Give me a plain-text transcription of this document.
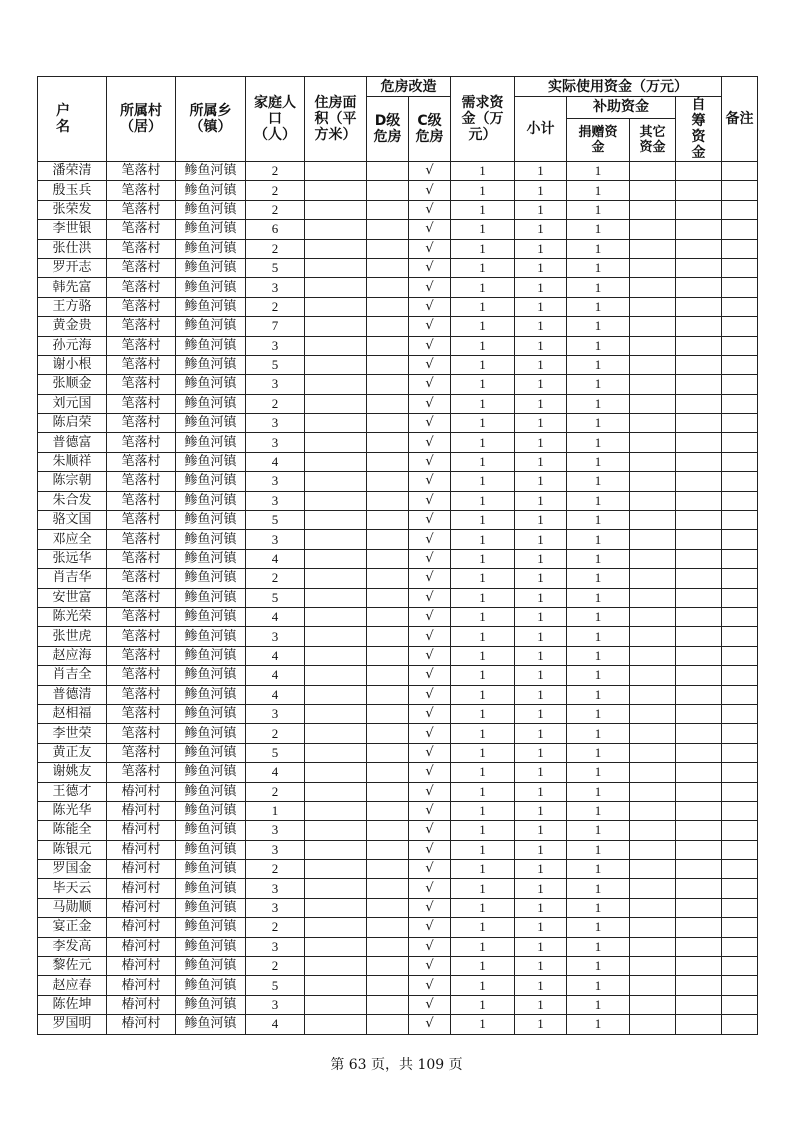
户　名	所属村（居）	所属乡（镇）	家庭人口（人）	住房面积（平方米）	危房改造		需求资金（万元）	实际使用资金（万元）				备注
					D级危房	C级危房		小计	补助资金		自筹资金	
									捐赠资金	其它资金		
潘荣清	笔落村	鲹鱼河镇	2			√	1	1	1			
殷玉兵	笔落村	鲹鱼河镇	2			√	1	1	1			
张荣发	笔落村	鲹鱼河镇	2			√	1	1	1			
李世银	笔落村	鲹鱼河镇	6			√	1	1	1			
张仕洪	笔落村	鲹鱼河镇	2			√	1	1	1			
罗开志	笔落村	鲹鱼河镇	5			√	1	1	1			
韩先富	笔落村	鲹鱼河镇	3			√	1	1	1			
王方骆	笔落村	鲹鱼河镇	2			√	1	1	1			
黄金贵	笔落村	鲹鱼河镇	7			√	1	1	1			
孙元海	笔落村	鲹鱼河镇	3			√	1	1	1			
谢小根	笔落村	鲹鱼河镇	5			√	1	1	1			
张顺金	笔落村	鲹鱼河镇	3			√	1	1	1			
刘元国	笔落村	鲹鱼河镇	2			√	1	1	1			
陈启荣	笔落村	鲹鱼河镇	3			√	1	1	1			
普德富	笔落村	鲹鱼河镇	3			√	1	1	1			
朱顺祥	笔落村	鲹鱼河镇	4			√	1	1	1			
陈宗朝	笔落村	鲹鱼河镇	3			√	1	1	1			
朱合发	笔落村	鲹鱼河镇	3			√	1	1	1			
骆文国	笔落村	鲹鱼河镇	5			√	1	1	1			
邓应全	笔落村	鲹鱼河镇	3			√	1	1	1			
张远华	笔落村	鲹鱼河镇	4			√	1	1	1			
肖吉华	笔落村	鲹鱼河镇	2			√	1	1	1			
安世富	笔落村	鲹鱼河镇	5			√	1	1	1			
陈光荣	笔落村	鲹鱼河镇	4			√	1	1	1			
张世虎	笔落村	鲹鱼河镇	3			√	1	1	1			
赵应海	笔落村	鲹鱼河镇	4			√	1	1	1			
肖吉全	笔落村	鲹鱼河镇	4			√	1	1	1			
普德清	笔落村	鲹鱼河镇	4			√	1	1	1			
赵相福	笔落村	鲹鱼河镇	3			√	1	1	1			
李世荣	笔落村	鲹鱼河镇	2			√	1	1	1			
黄正友	笔落村	鲹鱼河镇	5			√	1	1	1			
谢姚友	笔落村	鲹鱼河镇	4			√	1	1	1			
王德才	椿河村	鲹鱼河镇	2			√	1	1	1			
陈光华	椿河村	鲹鱼河镇	1			√	1	1	1			
陈能全	椿河村	鲹鱼河镇	3			√	1	1	1			
陈银元	椿河村	鲹鱼河镇	3			√	1	1	1			
罗国金	椿河村	鲹鱼河镇	2			√	1	1	1			
毕天云	椿河村	鲹鱼河镇	3			√	1	1	1			
马勋顺	椿河村	鲹鱼河镇	3			√	1	1	1			
宴正金	椿河村	鲹鱼河镇	2			√	1	1	1			
李发高	椿河村	鲹鱼河镇	3			√	1	1	1			
黎佐元	椿河村	鲹鱼河镇	2			√	1	1	1			
赵应春	椿河村	鲹鱼河镇	5			√	1	1	1			
陈佐坤	椿河村	鲹鱼河镇	3			√	1	1	1			
罗国明	椿河村	鲹鱼河镇	4			√	1	1	1			
第 63 页，共 109 页
